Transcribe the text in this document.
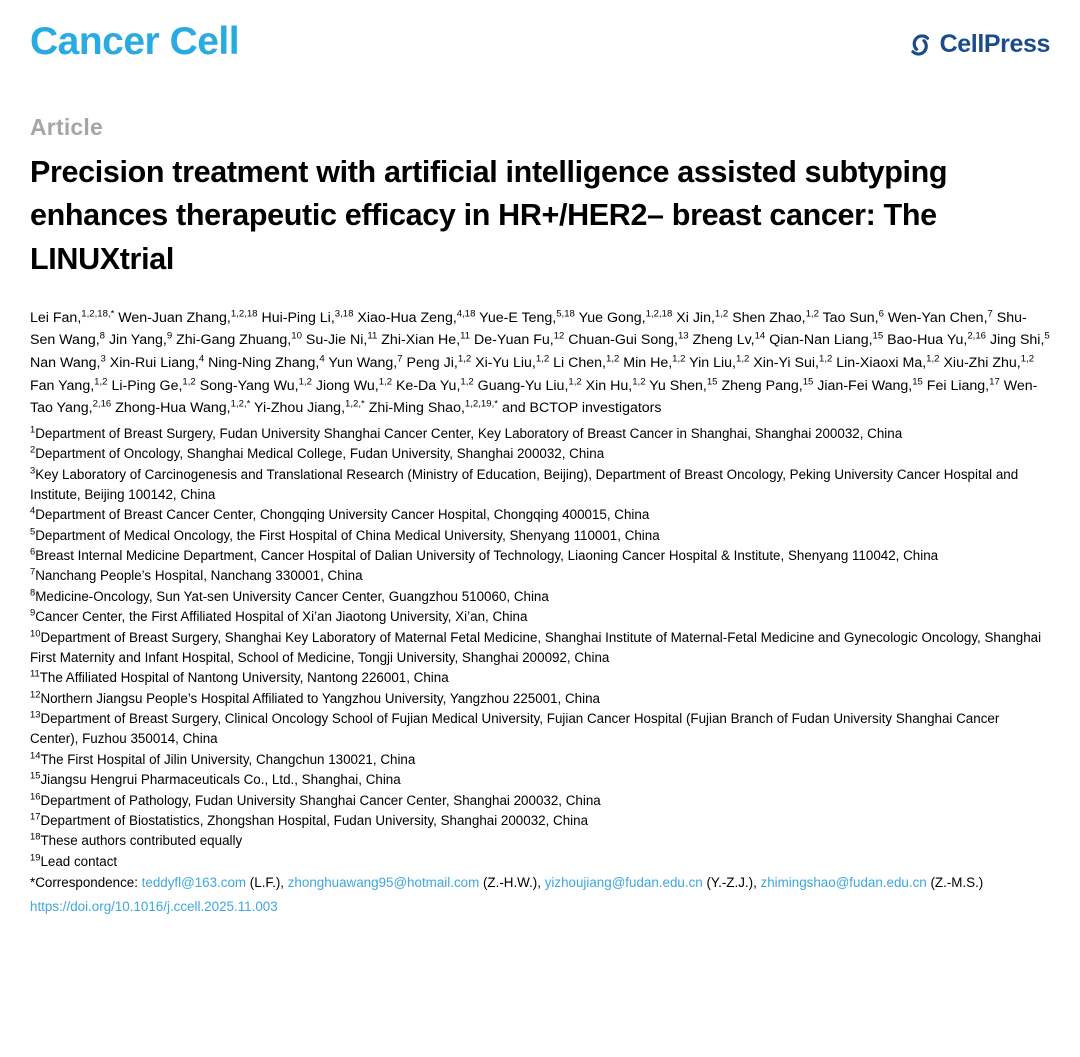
Cancer Cell	CellPress
Article
Precision treatment with artificial intelligence assisted subtyping enhances therapeutic efficacy in HR+/HER2– breast cancer: The LINUXtrial
Lei Fan,$^{1,2,18,*}$ Wen-Juan Zhang,$^{1,2,18}$ Hui-Ping Li,$^{3,18}$ Xiao-Hua Zeng,$^{4,18}$ Yue-E Teng,$^{5,18}$ Yue Gong,$^{1,2,18}$ Xi Jin,$^{1,2}$ Shen Zhao,$^{1,2}$ Tao Sun,$^6$ Wen-Yan Chen,$^7$ Shu-Sen Wang,$^8$ Jin Yang,$^9$ Zhi-Gang Zhuang,$^{10}$ Su-Jie Ni,$^{11}$ Zhi-Xian He,$^{11}$ De-Yuan Fu,$^{12}$ Chuan-Gui Song,$^{13}$ Zheng Lv,$^{14}$ Qian-Nan Liang,$^{15}$ Bao-Hua Yu,$^{2,16}$ Jing Shi,$^5$ Nan Wang,$^3$ Xin-Rui Liang,$^4$ Ning-Ning Zhang,$^4$ Yun Wang,$^7$ Peng Ji,$^{1,2}$ Xi-Yu Liu,$^{1,2}$ Li Chen,$^{1,2}$ Min He,$^{1,2}$ Yin Liu,$^{1,2}$ Xin-Yi Sui,$^{1,2}$ Lin-Xiaoxi Ma,$^{1,2}$ Xiu-Zhi Zhu,$^{1,2}$ Fan Yang,$^{1,2}$ Li-Ping Ge,$^{1,2}$ Song-Yang Wu,$^{1,2}$ Jiong Wu,$^{1,2}$ Ke-Da Yu,$^{1,2}$ Guang-Yu Liu,$^{1,2}$ Xin Hu,$^{1,2}$ Yu Shen,$^{15}$ Zheng Pang,$^{15}$ Jian-Fei Wang,$^{15}$ Fei Liang,$^{17}$ Wen-Tao Yang,$^{2,16}$ Zhong-Hua Wang,$^{1,2,*}$ Yi-Zhou Jiang,$^{1,2,*}$ Zhi-Ming Shao,$^{1,2,19,*}$ and BCTOP investigators

$^1$Department of Breast Surgery, Fudan University Shanghai Cancer Center, Key Laboratory of Breast Cancer in Shanghai, Shanghai 200032, China

$^2$Department of Oncology, Shanghai Medical College, Fudan University, Shanghai 200032, China

$^3$Key Laboratory of Carcinogenesis and Translational Research (Ministry of Education, Beijing), Department of Breast Oncology, Peking University Cancer Hospital and Institute, Beijing 100142, China

$^4$Department of Breast Cancer Center, Chongqing University Cancer Hospital, Chongqing 400015, China

$^5$Department of Medical Oncology, the First Hospital of China Medical University, Shenyang 110001, China

$^6$Breast Internal Medicine Department, Cancer Hospital of Dalian University of Technology, Liaoning Cancer Hospital & Institute, Shenyang 110042, China

$^7$Nanchang People’s Hospital, Nanchang 330001, China

$^8$Medicine-Oncology, Sun Yat-sen University Cancer Center, Guangzhou 510060, China

$^9$Cancer Center, the First Affiliated Hospital of Xi’an Jiaotong University, Xi’an, China

$^{10}$Department of Breast Surgery, Shanghai Key Laboratory of Maternal Fetal Medicine, Shanghai Institute of Maternal-Fetal Medicine and Gynecologic Oncology, Shanghai First Maternity and Infant Hospital, School of Medicine, Tongji University, Shanghai 200092, China

$^{11}$The Affiliated Hospital of Nantong University, Nantong 226001, China

$^{12}$Northern Jiangsu People’s Hospital Affiliated to Yangzhou University, Yangzhou 225001, China

$^{13}$Department of Breast Surgery, Clinical Oncology School of Fujian Medical University, Fujian Cancer Hospital (Fujian Branch of Fudan University Shanghai Cancer Center), Fuzhou 350014, China

$^{14}$The First Hospital of Jilin University, Changchun 130021, China

$^{15}$Jiangsu Hengrui Pharmaceuticals Co., Ltd., Shanghai, China

$^{16}$Department of Pathology, Fudan University Shanghai Cancer Center, Shanghai 200032, China

$^{17}$Department of Biostatistics, Zhongshan Hospital, Fudan University, Shanghai 200032, China

$^{18}$These authors contributed equally

$^{19}$Lead contact

*Correspondence: teddyfl@163.com (L.F.), zhonghuawang95@hotmail.com (Z.-H.W.), yizhoujiang@fudan.edu.cn (Y.-Z.J.), zhimingshao@fudan.edu.cn (Z.-M.S.)
https://doi.org/10.1016/j.ccell.2025.11.003
